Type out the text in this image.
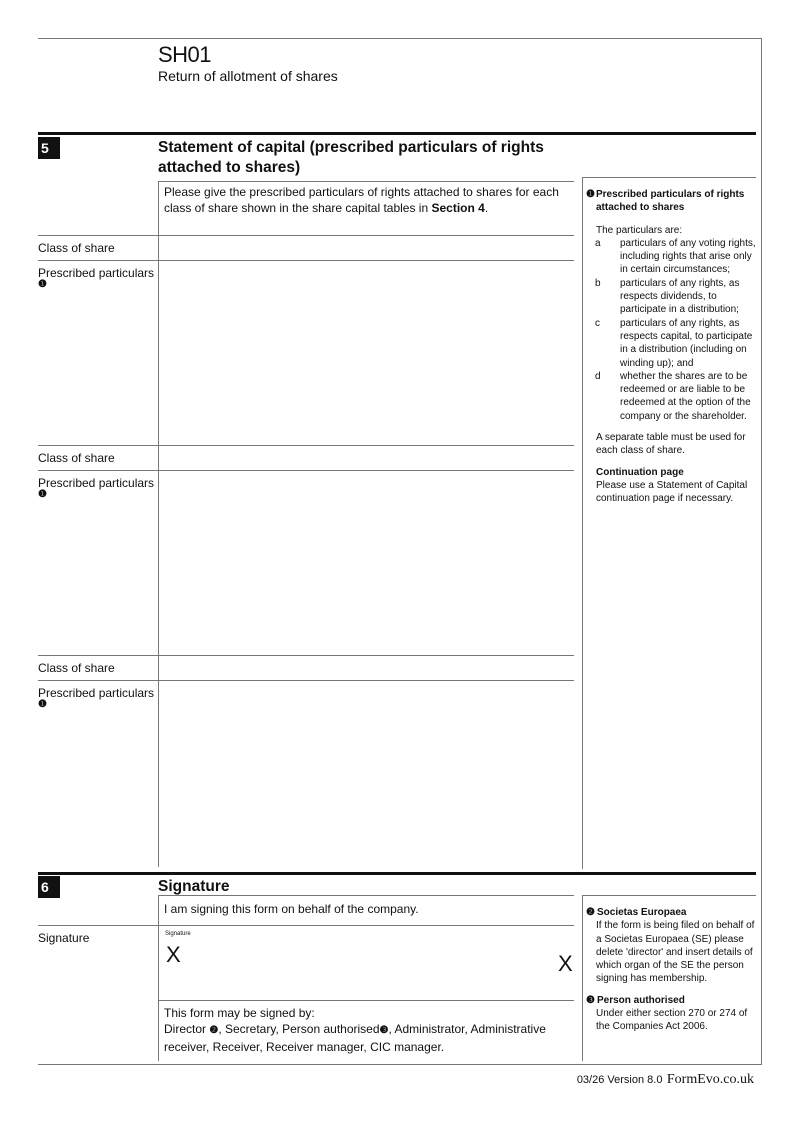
SH01
Return of allotment of shares
5	Statement of capital (prescribed particulars of rights attached to shares)
Please give the prescribed particulars of rights attached to shares for each class of share shown in the share capital tables in Section 4.
Class of share
Prescribed particulars
❶
Class of share
Prescribed particulars
❶
Class of share
Prescribed particulars
❶
❶ Prescribed particulars of rights attached to shares
The particulars are:
a	particulars of any voting rights, including rights that arise only in certain circumstances;
b	particulars of any rights, as respects dividends, to participate in a distribution;
c	particulars of any rights, as respects capital, to participate in a distribution (including on winding up); and
d	whether the shares are to be redeemed or are liable to be redeemed at the option of the company or the shareholder.
A separate table must be used for each class of share.
Continuation page
Please use a Statement of Capital continuation page if necessary.
6	Signature
I am signing this form on behalf of the company.
Signature	Signature
X	X
This form may be signed by:
Director ❷, Secretary, Person authorised❸, Administrator, Administrative receiver, Receiver, Receiver manager, CIC manager.
❷ Societas Europaea
If the form is being filed on behalf of a Societas Europaea (SE) please delete 'director' and insert details of which organ of the SE the person signing has membership.
❸ Person authorised
Under either section 270 or 274 of the Companies Act 2006.
03/26 Version 8.0 FormEvo.co.uk
